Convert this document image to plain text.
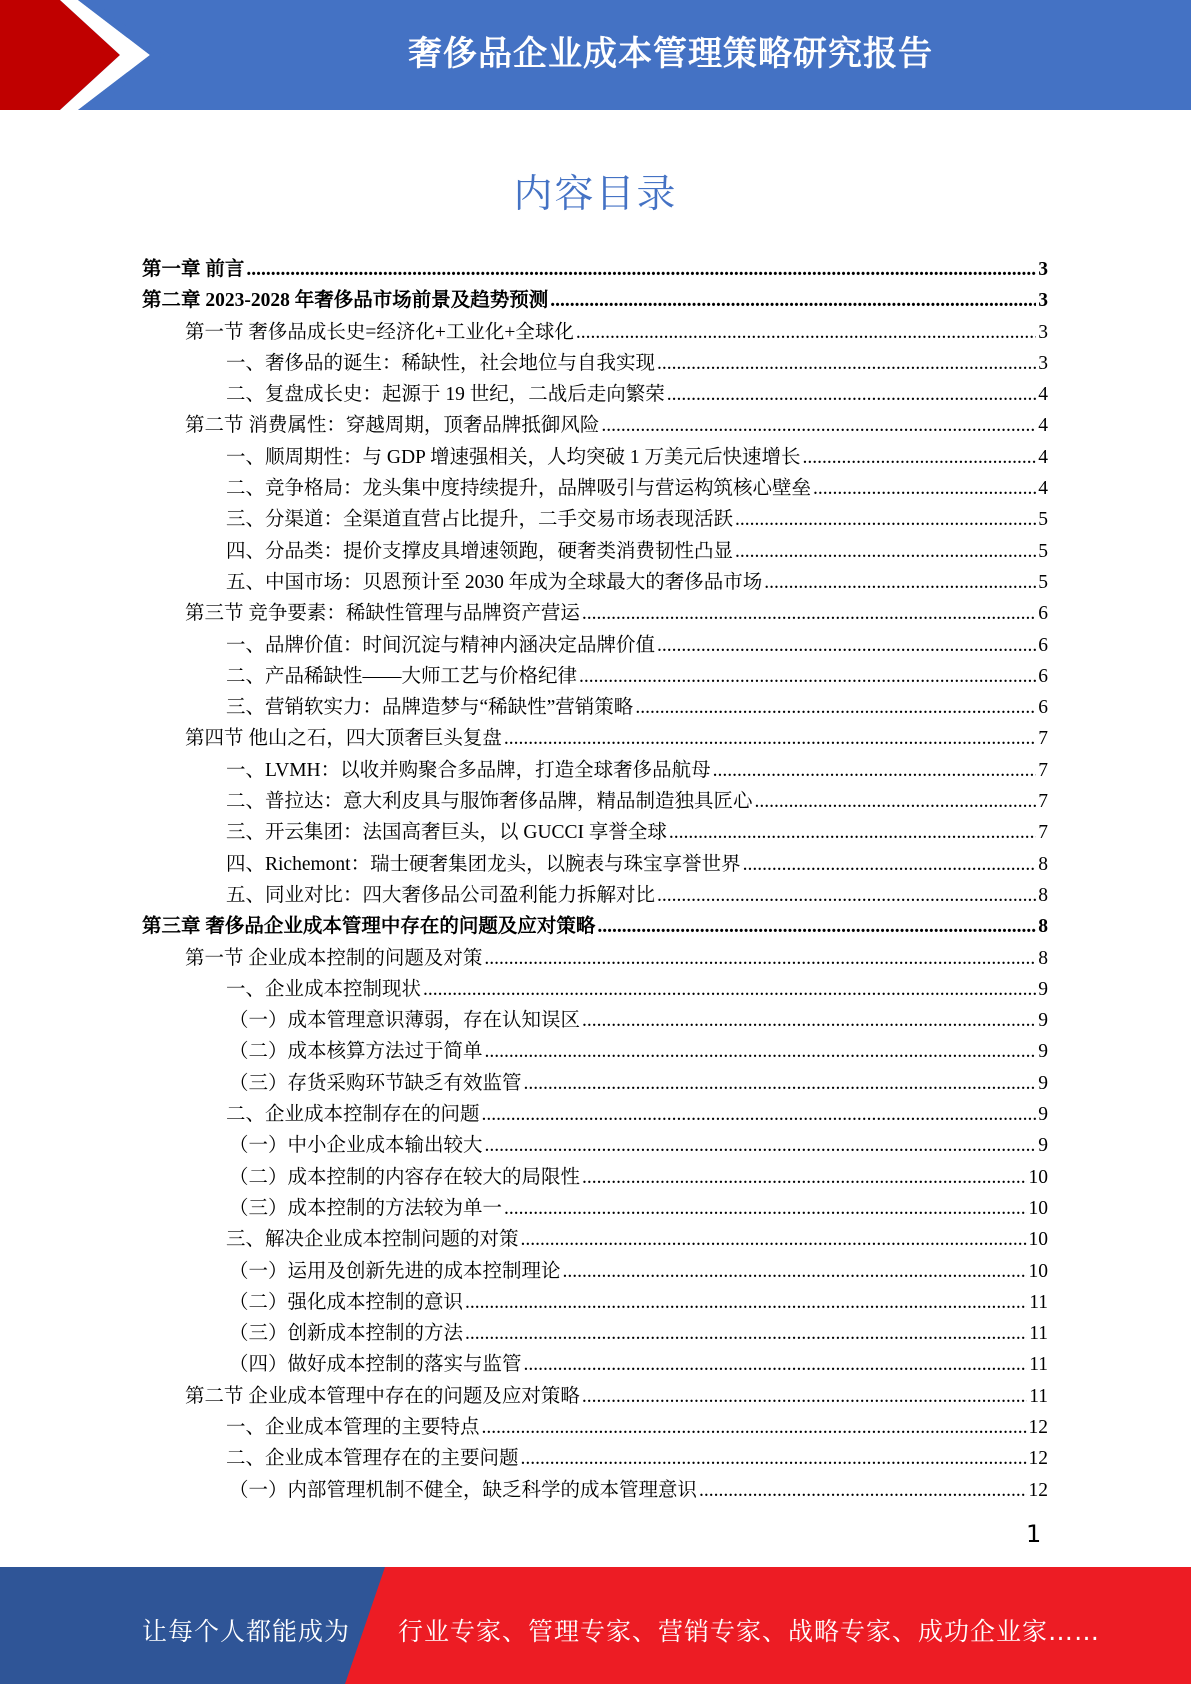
奢侈品企业成本管理策略研究报告
内容目录
第一章 前言 .....	3
第二章 2023-2028 年奢侈品市场前景及趋势预测 .....	3
第一节 奢侈品成长史=经济化+工业化+全球化 .....	3
一、奢侈品的诞生：稀缺性，社会地位与自我实现 .....	3
二、复盘成长史：起源于 19 世纪，二战后走向繁荣 .....	4
第二节 消费属性：穿越周期，顶奢品牌抵御风险 .....	4
一、顺周期性：与 GDP 增速强相关，人均突破 1 万美元后快速增长 .....	4
二、竞争格局：龙头集中度持续提升，品牌吸引与营运构筑核心壁垒 .....	4
三、分渠道：全渠道直营占比提升，二手交易市场表现活跃 .....	5
四、分品类：提价支撑皮具增速领跑，硬奢类消费韧性凸显 .....	5
五、中国市场：贝恩预计至 2030 年成为全球最大的奢侈品市场 .....	5
第三节 竞争要素：稀缺性管理与品牌资产营运 .....	6
一、品牌价值：时间沉淀与精神内涵决定品牌价值 .....	6
二、产品稀缺性——大师工艺与价格纪律 .....	6
三、营销软实力：品牌造梦与“稀缺性”营销策略 .....	6
第四节 他山之石，四大顶奢巨头复盘 .....	7
一、LVMH：以收并购聚合多品牌，打造全球奢侈品航母 .....	7
二、普拉达：意大利皮具与服饰奢侈品牌，精品制造独具匠心 .....	7
三、开云集团：法国高奢巨头，以 GUCCI 享誉全球 .....	7
四、Richemont：瑞士硬奢集团龙头，以腕表与珠宝享誉世界 .....	8
五、同业对比：四大奢侈品公司盈利能力拆解对比 .....	8
第三章 奢侈品企业成本管理中存在的问题及应对策略 .....	8
第一节 企业成本控制的问题及对策 .....	8
一、企业成本控制现状 .....	9
（一）成本管理意识薄弱，存在认知误区 .....	9
（二）成本核算方法过于简单 .....	9
（三）存货采购环节缺乏有效监管 .....	9
二、企业成本控制存在的问题 .....	9
（一）中小企业成本输出较大 .....	9
（二）成本控制的内容存在较大的局限性 .....	10
（三）成本控制的方法较为单一 .....	10
三、解决企业成本控制问题的对策 .....	10
（一）运用及创新先进的成本控制理论 .....	10
（二）强化成本控制的意识 .....	11
（三）创新成本控制的方法 .....	11
（四）做好成本控制的落实与监管 .....	11
第二节 企业成本管理中存在的问题及应对策略 .....	11
一、企业成本管理的主要特点 .....	12
二、企业成本管理存在的主要问题 .....	12
（一）内部管理机制不健全，缺乏科学的成本管理意识 .....	12
1
让每个人都能成为 行业专家、管理专家、营销专家、战略专家、成功企业家……
